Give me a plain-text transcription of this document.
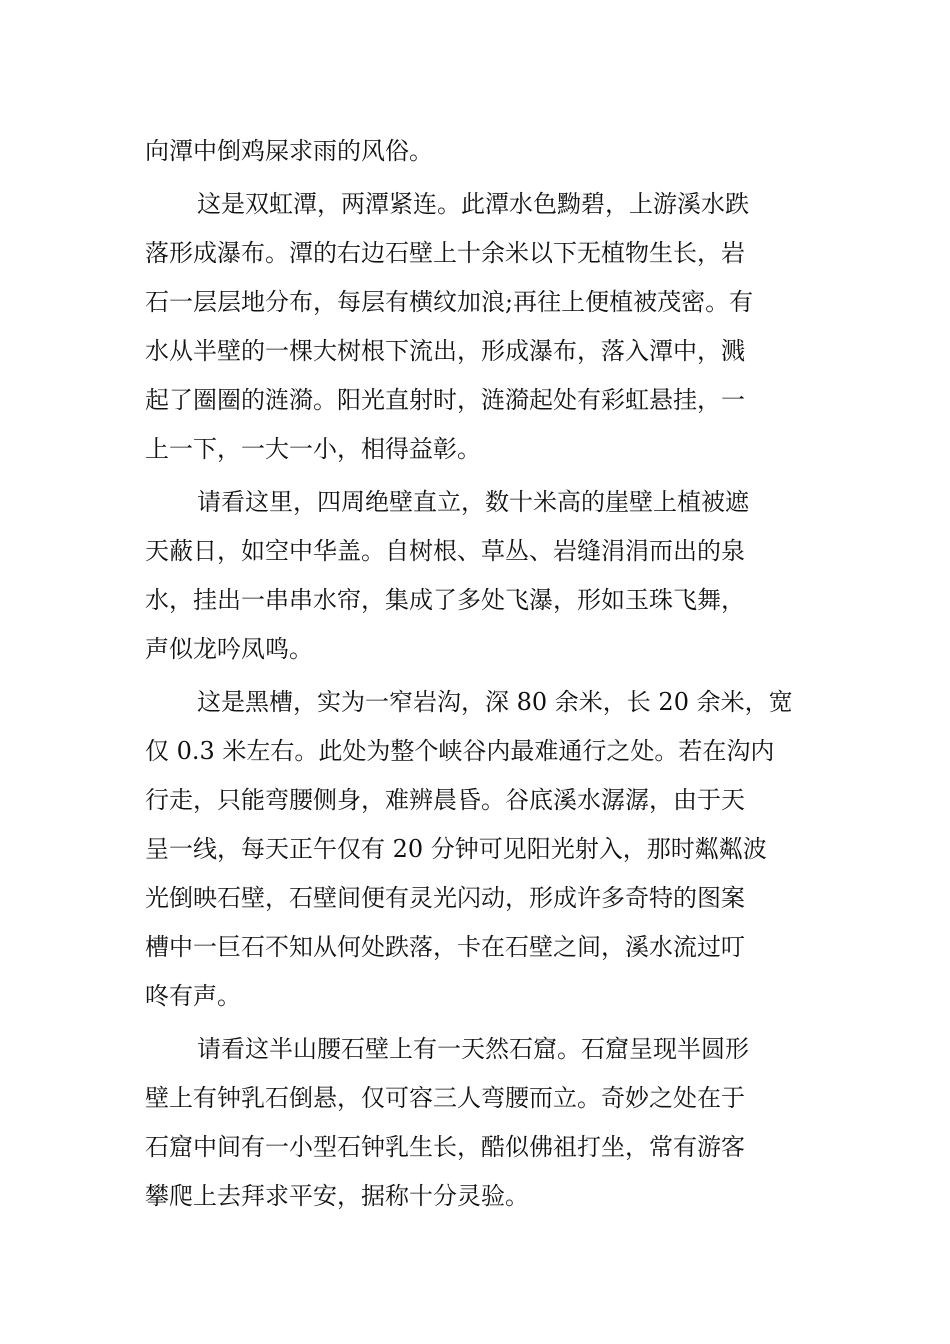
向潭中倒鸡屎求雨的风俗。
这是双虹潭，两潭紧连。此潭水色黝碧，上游溪水跌
落形成瀑布。潭的右边石壁上十余米以下无植物生长，岩
石一层层地分布，每层有横纹加浪;再往上便植被茂密。有
水从半壁的一棵大树根下流出，形成瀑布，落入潭中，溅
起了圈圈的涟漪。阳光直射时，涟漪起处有彩虹悬挂，一
上一下，一大一小，相得益彰。
请看这里，四周绝壁直立，数十米高的崖壁上植被遮
天蔽日，如空中华盖。自树根、草丛、岩缝涓涓而出的泉
水，挂出一串串水帘，集成了多处飞瀑，形如玉珠飞舞，
声似龙吟凤鸣。
这是黑槽，实为一窄岩沟，深 80 余米，长 20 余米，宽
仅 0.3 米左右。此处为整个峡谷内最难通行之处。若在沟内
行走，只能弯腰侧身，难辨晨昏。谷底溪水潺潺，由于天
呈一线，每天正午仅有 20 分钟可见阳光射入，那时粼粼波
光倒映石壁，石壁间便有灵光闪动，形成许多奇特的图案
槽中一巨石不知从何处跌落，卡在石壁之间，溪水流过叮
咚有声。
请看这半山腰石壁上有一天然石窟。石窟呈现半圆形
壁上有钟乳石倒悬，仅可容三人弯腰而立。奇妙之处在于
石窟中间有一小型石钟乳生长，酷似佛祖打坐，常有游客
攀爬上去拜求平安，据称十分灵验。
